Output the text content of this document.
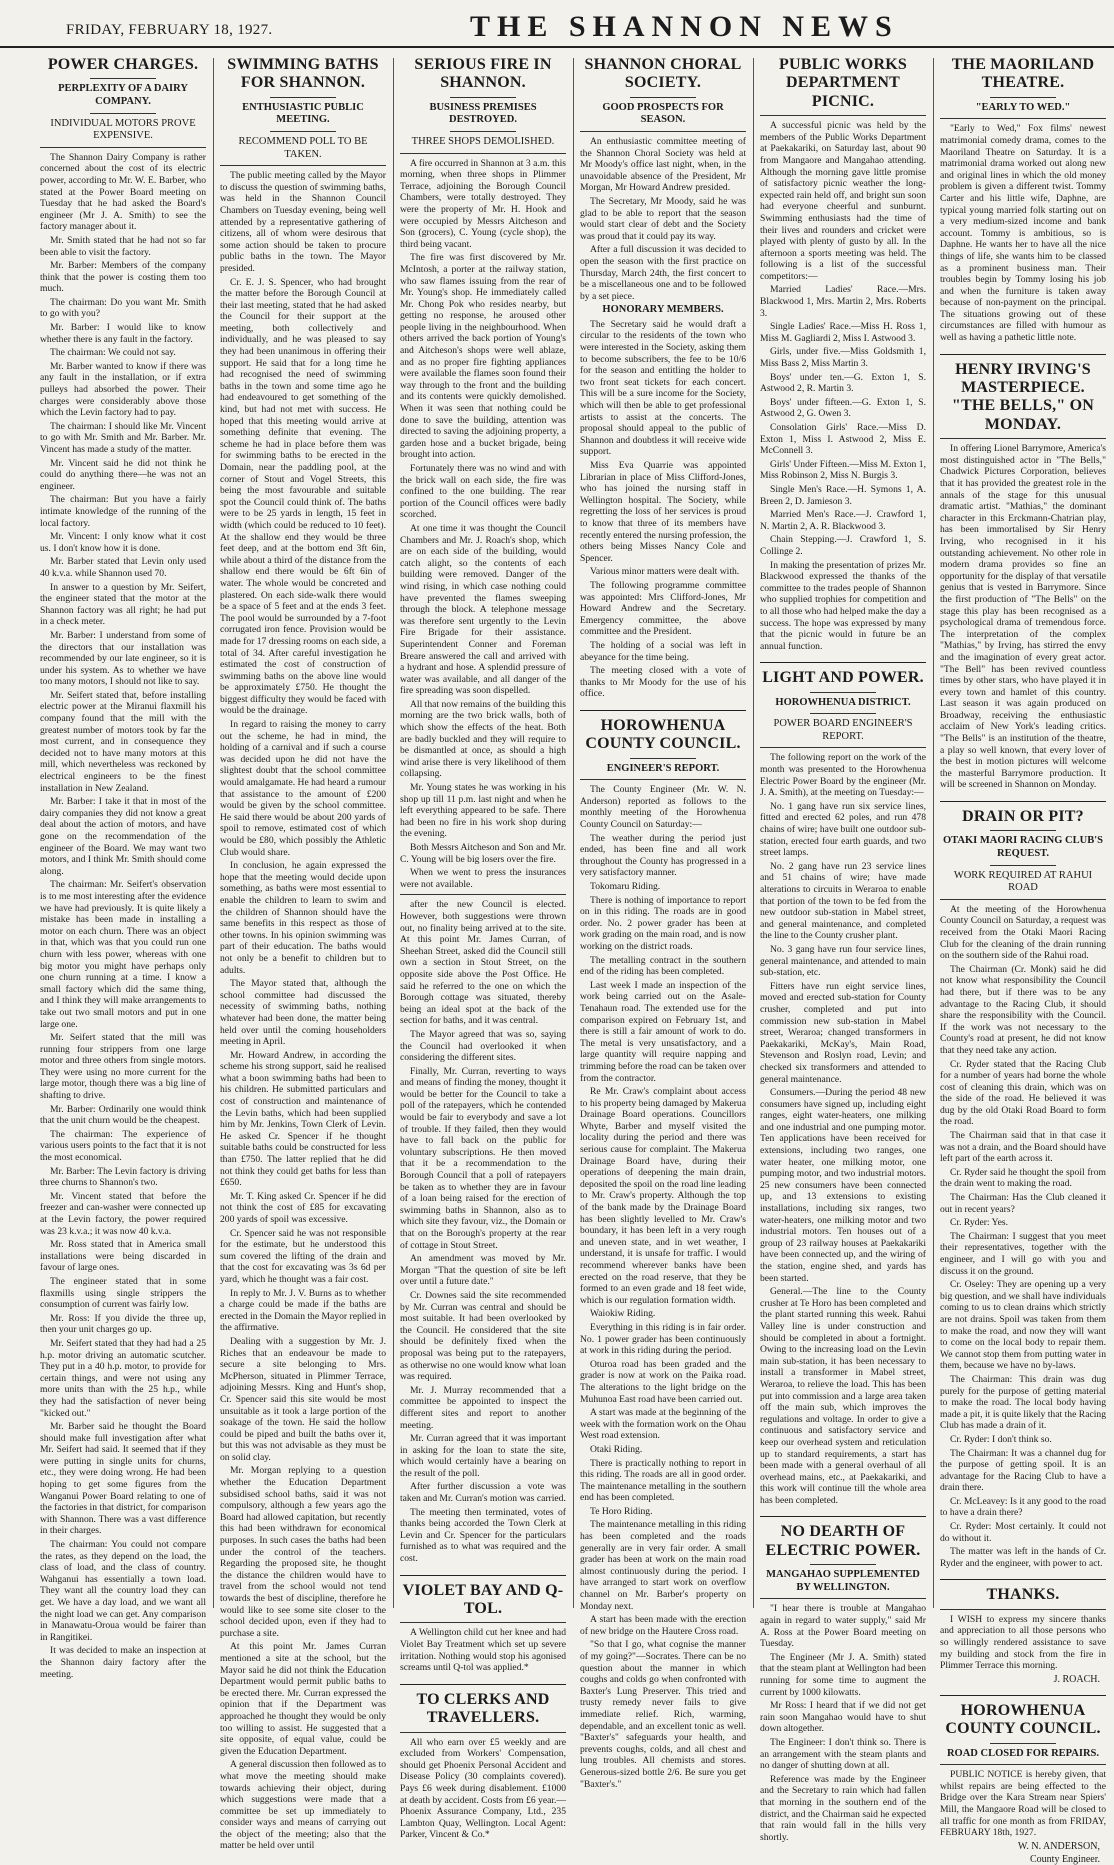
FRIDAY, FEBRUARY 18, 1927.	THE SHANNON NEWS
POWER CHARGES.
PERPLEXITY OF A DAIRY COMPANY.
INDIVIDUAL MOTORS PROVE EXPENSIVE.

The Shannon Dairy Company is rather concerned about the cost of its electric power, according to Mr. W. E. Barber, who stated at the Power Board meeting on Tuesday that he had asked the Board's engineer (Mr J. A. Smith) to see the factory manager about it.

Mr. Smith stated that he had not so far been able to visit the factory.

Mr. Barber: Members of the company think that the power is costing them too much.

The chairman: Do you want Mr. Smith to go with you?

Mr. Barber: I would like to know whether there is any fault in the factory.

The chairman: We could not say.

Mr. Barber wanted to know if there was any fault in the installation, or if extra pulleys had absorbed the power. Their charges were considerably above those which the Levin factory had to pay.

The chairman: I should like Mr. Vincent to go with Mr. Smith and Mr. Barber. Mr. Vincent has made a study of the matter.

Mr. Vincent said he did not think he could do anything there—he was not an engineer.

The chairman: But you have a fairly intimate knowledge of the running of the local factory.

Mr. Vincent: I only know what it cost us. I don't know how it is done.

Mr. Barber stated that Levin only used 40 k.v.a. while Shannon used 70.

In answer to a question by Mr. Seifert, the engineer stated that the motor at the Shannon factory was all right; he had put in a check meter.

Mr. Barber: I understand from some of the directors that our installation was recommended by our late engineer, so it is under his system. As to whether we have too many motors, I should not like to say.

Mr. Seifert stated that, before installing electric power at the Miranui flaxmill his company found that the mill with the greatest number of motors took by far the most current, and in consequence they decided not to have many motors at this mill, which nevertheless was reckoned by electrical engineers to be the finest installation in New Zealand.

Mr. Barber: I take it that in most of the dairy companies they did not know a great deal about the action of motors, and have gone on the recommendation of the engineer of the Board. We may want two motors, and I think Mr. Smith should come along.

The chairman: Mr. Seifert's observation is to me most interesting after the evidence we have had previously. It is quite likely a mistake has been made in installing a motor on each churn. There was an object in that, which was that you could run one churn with less power, whereas with one big motor you might have perhaps only one churn running at a time. I know a small factory which did the same thing, and I think they will make arrangements to take out two small motors and put in one large one.

Mr. Seifert stated that the mill was running four strippers from one large motor and three others from single motors. They were using no more current for the large motor, though there was a big line of shafting to drive.

Mr. Barber: Ordinarily one would think that the unit churn would be the cheapest.

The chairman: The experience of various users points to the fact that it is not the most economical.

Mr. Barber: The Levin factory is driving three churns to Shannon's two.

Mr. Vincent stated that before the freezer and can-washer were connected up at the Levin factory, the power required was 23 k.v.a.; it was now 40 k.v.a.

Mr. Ross stated that in America small installations were being discarded in favour of large ones.

The engineer stated that in some flaxmills using single strippers the consumption of current was fairly low.

Mr. Ross: If you divide the three up, then your unit charges go up.

Mr. Seifert stated that they had had a 25 h.p. motor driving an automatic scutcher. They put in a 40 h.p. motor, to provide for certain things, and were not using any more units than with the 25 h.p., while they had the satisfaction of never being "kicked out."

Mr. Barber said he thought the Board should make full investigation after what Mr. Seifert had said. It seemed that if they were putting in single units for churns, etc., they were doing wrong. He had been hoping to get some figures from the Wanganui Power Board relating to one of the factories in that district, for comparison with Shannon. There was a vast difference in their charges.

The chairman: You could not compare the rates, as they depend on the load, the class of load, and the class of country. Wahganui has essentially a town load. They want all the country load they can get. We have a day load, and we want all the night load we can get. Any comparison in Manawatu-Oroua would be fairer than in Rangitikei.

It was decided to make an inspection at the Shannon dairy factory after the meeting.

SWIMMING BATHS FOR SHANNON.
ENTHUSIASTIC PUBLIC MEETING.
RECOMMEND POLL TO BE TAKEN.

The public meeting called by the Mayor to discuss the question of swimming baths, was held in the Shannon Council Chambers on Tuesday evening, being well attended by a representative gathering of citizens, all of whom were desirous that some action should be taken to procure public baths in the town. The Mayor presided.

Cr. E. J. S. Spencer, who had brought the matter before the Borough Council at their last meeting, stated that he had asked the Council for their support at the meeting, both collectively and individually, and he was pleased to say they had been unanimous in offering their support. He said that for a long time he had recognised the need of swimming baths in the town and some time ago he had endeavoured to get something of the kind, but had not met with success. He hoped that this meeting would arrive at something definite that evening. The scheme he had in place before them was for swimming baths to be erected in the Domain, near the paddling pool, at the corner of Stout and Vogel Streets, this being the most favourable and suitable spot the Council could think of. The baths were to be 25 yards in length, 15 feet in width (which could be reduced to 10 feet). At the shallow end they would be three feet deep, and at the bottom end 3ft 6in, while about a third of the distance from the shallow end there would be 6ft 6in of water. The whole would be concreted and plastered. On each side-walk there would be a space of 5 feet and at the ends 3 feet. The pool would be surrounded by a 7-foot corrugated iron fence. Provision would be made for 17 dressing rooms on each side, a total of 34. After careful investigation he estimated the cost of construction of swimming baths on the above line would be approximately £750. He thought the biggest difficulty they would be faced with would be the drainage.

In regard to raising the money to carry out the scheme, he had in mind, the holding of a carnival and if such a course was decided upon he did not have the slightest doubt that the school committee would amalgamate. He had heard a rumour that assistance to the amount of £200 would be given by the school committee. He said there would be about 200 yards of spoil to remove, estimated cost of which would be £80, which possibly the Athletic Club would share.

In conclusion, he again expressed the hope that the meeting would decide upon something, as baths were most essential to enable the children to learn to swim and the children of Shannon should have the same benefits in this respect as those of other towns. In his opinion swimming was part of their education. The baths would not only be a benefit to children but to adults.

The Mayor stated that, although the school committee had discussed the necessity of swimming baths, nothing whatever had been done, the matter being held over until the coming householders meeting in April.

Mr. Howard Andrew, in according the scheme his strong support, said he realised what a boon swimming baths had been to his children. He submitted particulars and cost of construction and maintenance of the Levin baths, which had been supplied him by Mr. Jenkins, Town Clerk of Levin. He asked Cr. Spencer if he thought suitable baths could be constructed for less than £750. The latter replied that he did not think they could get baths for less than £650.

Mr. T. King asked Cr. Spencer if he did not think the cost of £85 for excavating 200 yards of spoil was excessive.

Cr. Spencer said he was not responsible for the estimate, but he understood this sum covered the lifting of the drain and that the cost for excavating was 3s 6d per yard, which he thought was a fair cost.

In reply to Mr. J. V. Burns as to whether a charge could be made if the baths are erected in the Domain the Mayor replied in the affirmative.

Dealing with a suggestion by Mr. J. Riches that an endeavour be made to secure a site belonging to Mrs. McPherson, situated in Plimmer Terrace, adjoining Messrs. King and Hunt's shop, Cr. Spencer said this site would be most unsuitable as it took a large portion of the soakage of the town. He said the hollow could be piped and built the baths over it, but this was not advisable as they must be on solid clay.

Mr. Morgan replying to a question whether the Education Department subsidised school baths, said it was not compulsory, although a few years ago the Board had allowed capitation, but recently this had been withdrawn for economical purposes. In such cases the baths had been under the control of the teachers. Regarding the proposed site, he thought the distance the children would have to travel from the school would not tend towards the best of discipline, therefore he would like to see some site closer to the school decided upon, even if they had to purchase a site.

At this point Mr. James Curran mentioned a site at the school, but the Mayor said he did not think the Education Department would permit public baths to be erected there. Mr. Curran expressed the opinion that if the Department was approached he thought they would be only too willing to assist. He suggested that a site opposite, of equal value, could be given the Education Department.

A general discussion then followed as to what move the meeting should make towards achieving their object, during which suggestions were made that a committee be set up immediately to consider ways and means of carrying out the object of the meeting; also that the matter be held over until

SERIOUS FIRE IN SHANNON.
BUSINESS PREMISES DESTROYED.
THREE SHOPS DEMOLISHED.

A fire occurred in Shannon at 3 a.m. this morning, when three shops in Plimmer Terrace, adjoining the Borough Council Chambers, were totally destroyed. They were the property of Mr. H. Hook and were occupied by Messrs Aitcheson and Son (grocers), C. Young (cycle shop), the third being vacant.

The fire was first discovered by Mr. McIntosh, a porter at the railway station, who saw flames issuing from the rear of Mr. Young's shop. He immediately called Mr. Chong Pok who resides nearby, but getting no response, he aroused other people living in the neighbourhood. When others arrived the back portion of Young's and Aitcheson's shops were well ablaze, and as no proper fire fighting appliances were available the flames soon found their way through to the front and the building and its contents were quickly demolished. When it was seen that nothing could be done to save the building, attention was directed to saving the adjoining property, a garden hose and a bucket brigade, being brought into action.

Fortunately there was no wind and with the brick wall on each side, the fire was confined to the one building. The rear portion of the Council offices were badly scorched.

At one time it was thought the Council Chambers and Mr. J. Roach's shop, which are on each side of the building, would catch alight, so the contents of each building were removed. Danger of the wind rising, in which case nothing could have prevented the flames sweeping through the block. A telephone message was therefore sent urgently to the Levin Fire Brigade for their assistance. Superintendent Conner and Foreman Breare answered the call and arrived with a hydrant and hose. A splendid pressure of water was available, and all danger of the fire spreading was soon dispelled.

All that now remains of the building this morning are the two brick walls, both of which show the effects of the heat. Both are badly buckled and they will require to be dismantled at once, as should a high wind arise there is very likelihood of them collapsing.

Mr. Young states he was working in his shop up till 11 p.m. last night and when he left everything appeared to be safe. There had been no fire in his work shop during the evening.

Both Messrs Aitcheson and Son and Mr. C. Young will be big losers over the fire.

When we went to press the insurances were not available.

after the new Council is elected. However, both suggestions were thrown out, no finality being arrived at to the site. At this point Mr. James Curran, of Sheehan Street, asked did the Council still own a section in Stout Street, on the opposite side above the Post Office. He said he referred to the one on which the Borough cottage was situated, thereby being an ideal spot at the back of the section for baths, and it was central.

The Mayor agreed that was so, saying the Council had overlooked it when considering the different sites.

Finally, Mr. Curran, reverting to ways and means of finding the money, thought it would be better for the Council to take a poll of the ratepayers, which he contended would be fair to everybody and save a lot of trouble. If they failed, then they would have to fall back on the public for voluntary subscriptions. He then moved that it be a recommendation to the Borough Council that a poll of ratepayers be taken as to whether they are in favour of a loan being raised for the erection of swimming baths in Shannon, also as to which site they favour, viz., the Domain or that on the Borough's property at the rear of cottage in Stout Street.

An amendment was moved by Mr. Morgan "That the question of site be left over until a future date."

Cr. Downes said the site recommended by Mr. Curran was central and should be most suitable. It had been overlooked by the Council. He considered that the site should be definitely fixed when the proposal was being put to the ratepayers, as otherwise no one would know what loan was required.

Mr. J. Murray recommended that a committee be appointed to inspect the different sites and report to another meeting.

Mr. Curran agreed that it was important in asking for the loan to state the site, which would certainly have a bearing on the result of the poll.

After further discussion a vote was taken and Mr. Curran's motion was carried.

The meeting then terminated, votes of thanks being accorded the Town Clerk at Levin and Cr. Spencer for the particulars furnished as to what was required and the cost.

VIOLET BAY AND Q-TOL.

A Wellington child cut her knee and had Violet Bay Treatment which set up severe irritation. Nothing would stop his agonised screams until Q-tol was applied.*

TO CLERKS AND TRAVELLERS.

All who earn over £5 weekly and are excluded from Workers' Compensation, should get Phoenix Personal Accident and Disease Policy (30 complaints covered). Pays £6 week during disablement. £1000 at death by accident. Costs from £6 year.—Phoenix Assurance Company, Ltd., 235 Lambton Quay, Wellington. Local Agent: Parker, Vincent & Co.*

SHANNON CHORAL SOCIETY.
GOOD PROSPECTS FOR SEASON.

An enthusiastic committee meeting of the Shannon Choral Society was held at Mr Moody's office last night, when, in the unavoidable absence of the President, Mr Morgan, Mr Howard Andrew presided.

The Secretary, Mr Moody, said he was glad to be able to report that the season would start clear of debt and the Society was proud that it could pay its way.

After a full discussion it was decided to open the season with the first practice on Thursday, March 24th, the first concert to be a miscellaneous one and to be followed by a set piece.

HONORARY MEMBERS.

The Secretary said he would draft a circular to the residents of the town who were interested in the Society, asking them to become subscribers, the fee to be 10/6 for the season and entitling the holder to two front seat tickets for each concert. This will be a sure income for the Society, which will then be able to get professional artists to assist at the concerts. The proposal should appeal to the public of Shannon and doubtless it will receive wide support.

Miss Eva Quarrie was appointed Librarian in place of Miss Clifford-Jones, who has joined the nursing staff in Wellington hospital. The Society, while regretting the loss of her services is proud to know that three of its members have recently entered the nursing profession, the others being Misses Nancy Cole and Spencer.

Various minor matters were dealt with.

The following programme committee was appointed: Mrs Clifford-Jones, Mr Howard Andrew and the Secretary. Emergency committee, the above committee and the President.

The holding of a social was left in abeyance for the time being.

The meeting closed with a vote of thanks to Mr Moody for the use of his office.

HOROWHENUA COUNTY COUNCIL.
ENGINEER'S REPORT.

The County Engineer (Mr. W. N. Anderson) reported as follows to the monthly meeting of the Horowhenua County Council on Saturday:—

The weather during the period just ended, has been fine and all work throughout the County has progressed in a very satisfactory manner.

Tokomaru Riding.

There is nothing of importance to report on in this riding. The roads are in good order. No. 2 power grader has been at work grading on the main road, and is now working on the district roads.

The metalling contract in the southern end of the riding has been completed.

Last week I made an inspection of the work being carried out on the Asale-Tenahaun road. The extended use for the comparison expired on February 1st, and there is still a fair amount of work to do. The metal is very unsatisfactory, and a large quantity will require napping and trimming before the road can be taken over from the contractor.

Re Mr. Craw's complaint about access to his property being damaged by Makerua Drainage Board operations. Councillors Whyte, Barber and myself visited the locality during the period and there was serious cause for complaint. The Makerua Drainage Board have, during their operations of deepening the main drain, deposited the spoil on the road line leading to Mr. Craw's property. Although the top of the bank made by the Drainage Board has been slightly levelled to Mr. Craw's boundary, it has been left in a very rough and uneven state, and in wet weather, I understand, it is unsafe for traffic. I would recommend wherever banks have been erected on the road reserve, that they be formed to an even grade and 18 feet wide, which is our regulation formation width.

Waiokiw Riding.

Everything in this riding is in fair order. No. 1 power grader has been continuously at work in this riding during the period.

Oturoa road has been graded and the grader is now at work on the Paika road. The alterations to the light bridge on the Muhunoa East road have been carried out.

A start was made at the beginning of the week with the formation work on the Ohau West road extension.

Otaki Riding.

There is practically nothing to report in this riding. The roads are all in good order. The maintenance metalling in the southern end has been completed.

Te Horo Riding.

The maintenance metalling in this riding has been completed and the roads generally are in very fair order. A small grader has been at work on the main road almost continuously during the period. I have arranged to start work on overflow channel on Mr. Barber's property on Monday next.

A start has been made with the erection of new bridge on the Hautere Cross road.

"So that I go, what cognise the manner of my going?"—Socrates. There can be no question about the manner in which coughs and colds go when confronted with Baxter's Lung Preserver. This tried and trusty remedy never fails to give immediate relief. Rich, warming, dependable, and an excellent tonic as well. "Baxter's" safeguards your health, and prevents coughs, colds, and all chest and lung troubles. All chemists and stores. Generous-sized bottle 2/6. Be sure you get "Baxter's."

PUBLIC WORKS DEPARTMENT PICNIC.

A successful picnic was held by the members of the Public Works Department at Paekakariki, on Saturday last, about 90 from Mangaore and Mangahao attending. Although the morning gave little promise of satisfactory picnic weather the long-expected rain held off, and bright sun soon had everyone cheerful and sunburnt. Swimming enthusiasts had the time of their lives and rounders and cricket were played with plenty of gusto by all. In the afternoon a sports meeting was held. The following is a list of the successful competitors:—

Married Ladies' Race.—Mrs. Blackwood 1, Mrs. Martin 2, Mrs. Roberts 3.

Single Ladies' Race.—Miss H. Ross 1, Miss M. Gagliardi 2, Miss I. Astwood 3.

Girls, under five.—Miss Goldsmith 1, Miss Bass 2, Miss Martin 3.

Boys' under ten.—G. Exton 1, S. Astwood 2, R. Martin 3.

Boys' under fifteen.—G. Exton 1, S. Astwood 2, G. Owen 3.

Consolation Girls' Race.—Miss D. Exton 1, Miss I. Astwood 2, Miss E. McConnell 3.

Girls' Under Fifteen.—Miss M. Exton 1, Miss Robinson 2, Miss N. Burgis 3.

Single Men's Race.—H. Symons 1, A. Breen 2, D. Jamieson 3.

Married Men's Race.—J. Crawford 1, N. Martin 2, A. R. Blackwood 3.

Chain Stepping.—J. Crawford 1, S. Collinge 2.

In making the presentation of prizes Mr. Blackwood expressed the thanks of the committee to the trades people of Shannon who supplied trophies for competition and to all those who had helped make the day a success. The hope was expressed by many that the picnic would in future be an annual function.

LIGHT AND POWER.
HOROWHENUA DISTRICT.
POWER BOARD ENGINEER'S REPORT.

The following report on the work of the month was presented to the Horowhenua Electric Power Board by the engineer (Mr. J. A. Smith), at the meeting on Tuesday:—

No. 1 gang have run six service lines, fitted and erected 62 poles, and run 478 chains of wire; have built one outdoor sub-station, erected four earth guards, and two street lamps.

No. 2 gang have run 23 service lines and 51 chains of wire; have made alterations to circuits in Weraroa to enable that portion of the town to be fed from the new outdoor sub-station in Mabel street, and general maintenance, and completed the line to the County crusher plant.

No. 3 gang have run four service lines, general maintenance, and attended to main sub-station, etc.

Fitters have run eight service lines, moved and erected sub-station for County crusher, completed and put into commission new sub-station in Mabel street, Weraroa; changed transformers in Paekakariki, McKay's, Main Road, Stevenson and Roslyn road, Levin; and checked six transformers and attended to general maintenance.

Consumers.—During the period 48 new consumers have signed up, including eight ranges, eight water-heaters, one milking and one industrial and one pumping motor. Ten applications have been received for extensions, including two ranges, one water heater, one milking motor, one pumping motor, and two industrial motors. 25 new consumers have been connected up, and 13 extensions to existing installations, including six ranges, two water-heaters, one milking motor and two industrial motors. Ten houses out of a group of 23 railway houses at Paekakariki have been connected up, and the wiring of the station, engine shed, and yards has been started.

General.—The line to the County crusher at Te Horo has been completed and the plant started running this week. Rahui Valley line is under construction and should be completed in about a fortnight. Owing to the increasing load on the Levin main sub-station, it has been necessary to install a transformer in Mabel street, Weraroa, to relieve the load. This has been put into commission and a large area taken off the main sub, which improves the regulations and voltage. In order to give a continuous and satisfactory service and keep our overhead system and reticulation up to standard requirements, a start has been made with a general overhaul of all overhead mains, etc., at Paekakariki, and this work will continue till the whole area has been completed.

NO DEARTH OF ELECTRIC POWER.
MANGAHAO SUPPLEMENTED BY WELLINGTON.

"I hear there is trouble at Mangahao again in regard to water supply," said Mr A. Ross at the Power Board meeting on Tuesday.

The Engineer (Mr J. A. Smith) stated that the steam plant at Wellington had been running for some time to augment the current by 1000 kilowatts.

Mr Ross: I heard that if we did not get rain soon Mangahao would have to shut down altogether.

The Engineer: I don't think so. There is an arrangement with the steam plants and no danger of shutting down at all.

Reference was made by the Engineer and the Secretary to rain which had fallen that morning in the southern end of the district, and the Chairman said he expected that rain would fall in the hills very shortly.

THE MAORILAND THEATRE.
"EARLY TO WED."

"Early to Wed," Fox films' newest matrimonial comedy drama, comes to the Maoriland Theatre on Saturday. It is a matrimonial drama worked out along new and original lines in which the old money problem is given a different twist. Tommy Carter and his little wife, Daphne, are typical young married folk starting out on a very medium-sized income and bank account. Tommy is ambitious, so is Daphne. He wants her to have all the nice things of life, she wants him to be classed as a prominent business man. Their troubles begin by Tommy losing his job and when the furniture is taken away because of non-payment on the principal. The situations growing out of these circumstances are filled with humour as well as having a pathetic little note.

HENRY IRVING'S MASTERPIECE. "THE BELLS," ON MONDAY.

In offering Lionel Barrymore, America's most distinguished actor in "The Bells," Chadwick Pictures Corporation, believes that it has provided the greatest role in the annals of the stage for this unusual dramatic artist. "Mathias," the dominant character in this Erckmann-Chatrian play, has been immortalised by Sir Henry Irving, who recognised in it his outstanding achievement. No other role in modern drama provides so fine an opportunity for the display of that versatile genius that is vested in Barrymore. Since the first production of "The Bells" on the stage this play has been recognised as a psychological drama of tremendous force. The interpretation of the complex "Mathias," by Irving, has stirred the envy and the imagination of every great actor. "The Bell" has been revived countless times by other stars, who have played it in every town and hamlet of this country. Last season it was again produced on Broadway, receiving the enthusiastic acclaim of New York's leading critics. "The Bells" is an institution of the theatre, a play so well known, that every lover of the best in motion pictures will welcome the masterful Barrymore production. It will be screened in Shannon on Monday.

DRAIN OR PIT?
OTAKI MAORI RACING CLUB'S REQUEST.
WORK REQUIRED AT RAHUI ROAD

At the meeting of the Horowhenua County Council on Saturday, a request was received from the Otaki Maori Racing Club for the cleaning of the drain running on the southern side of the Rahui road.

The Chairman (Cr. Monk) said he did not know what responsibility the Council had there, but if there was to be any advantage to the Racing Club, it should share the responsibility with the Council. If the work was not necessary to the County's road at present, he did not know that they need take any action.

Cr. Ryder stated that the Racing Club for a number of years had borne the whole cost of cleaning this drain, which was on the side of the road. He believed it was dug by the old Otaki Road Board to form the road.

The Chairman said that in that case it was not a drain, and the Board should have left part of the earth across it.

Cr. Ryder said he thought the spoil from the drain went to making the road.

The Chairman: Has the Club cleaned it out in recent years?

Cr. Ryder: Yes.

The Chairman: I suggest that you meet their representatives, together with the engineer, and I will go with you and discuss it on the ground.

Cr. Oseley: They are opening up a very big question, and we shall have individuals coming to us to clean drains which strictly are not drains. Spoil was taken from them to make the road, and now they will want to come on the local body to repair them. We cannot stop them from putting water in them, because we have no by-laws.

The Chairman: This drain was dug purely for the purpose of getting material to make the road. The local body having made a pit, it is quite likely that the Racing Club has made a drain of it.

Cr. Ryder: I don't think so.

The Chairman: It was a channel dug for the purpose of getting spoil. It is an advantage for the Racing Club to have a drain there.

Cr. McLeavey: Is it any good to the road to have a drain there?

Cr. Ryder: Most certainly. It could not do without it.

The matter was left in the hands of Cr. Ryder and the engineer, with power to act.

THANKS.

I WISH to express my sincere thanks and appreciation to all those persons who so willingly rendered assistance to save my building and stock from the fire in Plimmer Terrace this morning.

J. ROACH.
HOROWHENUA COUNTY COUNCIL.
ROAD CLOSED FOR REPAIRS.

PUBLIC NOTICE is hereby given, that whilst repairs are being effected to the Bridge over the Kara Stream near Spiers' Mill, the Mangaore Road will be closed to all traffic for one month as from FRIDAY, FEBRUARY 18th, 1927.

W. N. ANDERSON,
County Engineer.
